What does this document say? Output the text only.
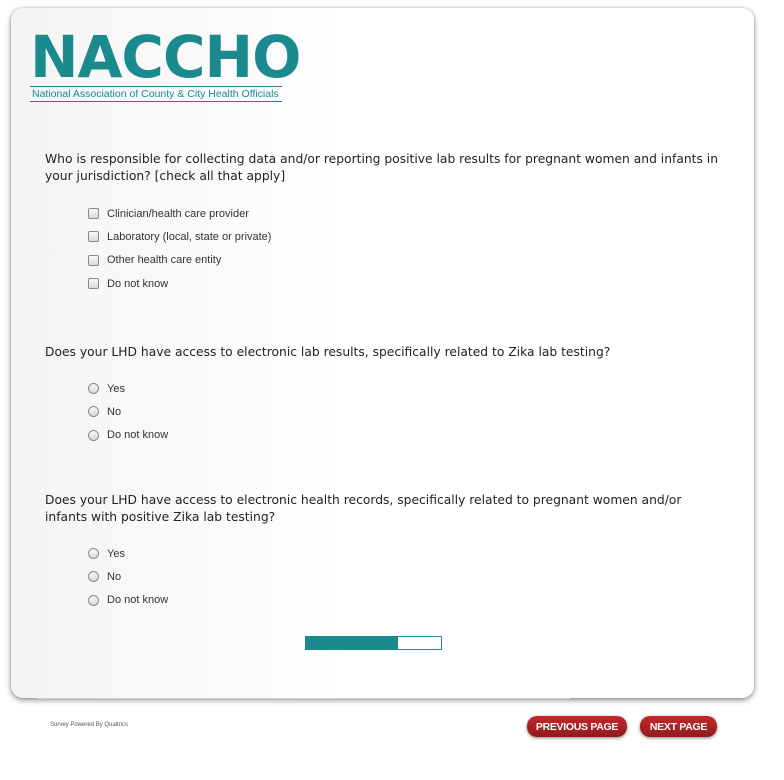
NACCHO
National Association of County & City Health Officials

Who is responsible for collecting data and/or reporting positive lab results for pregnant women and infants in your jurisdiction? [check all that apply]

Clinician/health care provider
Laboratory (local, state or private)
Other health care entity
Do not know

Does your LHD have access to electronic lab results, specifically related to Zika lab testing?

Yes
No
Do not know

Does your LHD have access to electronic health records, specifically related to pregnant women and/or infants with positive Zika lab testing?

Yes
No
Do not know
Survey Powered By Qualtrics	PREVIOUS PAGE	NEXT PAGE
